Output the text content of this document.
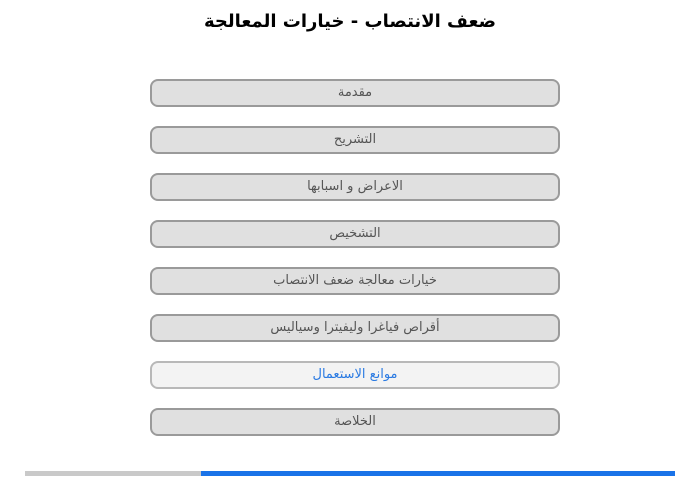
ضعف الانتصاب - خيارات المعالجة
مقدمة
التشريح
الاعراض و اسبابها
التشخيص
خيارات معالجة ضعف الانتصاب
أقراص فياغرا وليفيترا وسياليس
موانع الاستعمال
الخلاصة
